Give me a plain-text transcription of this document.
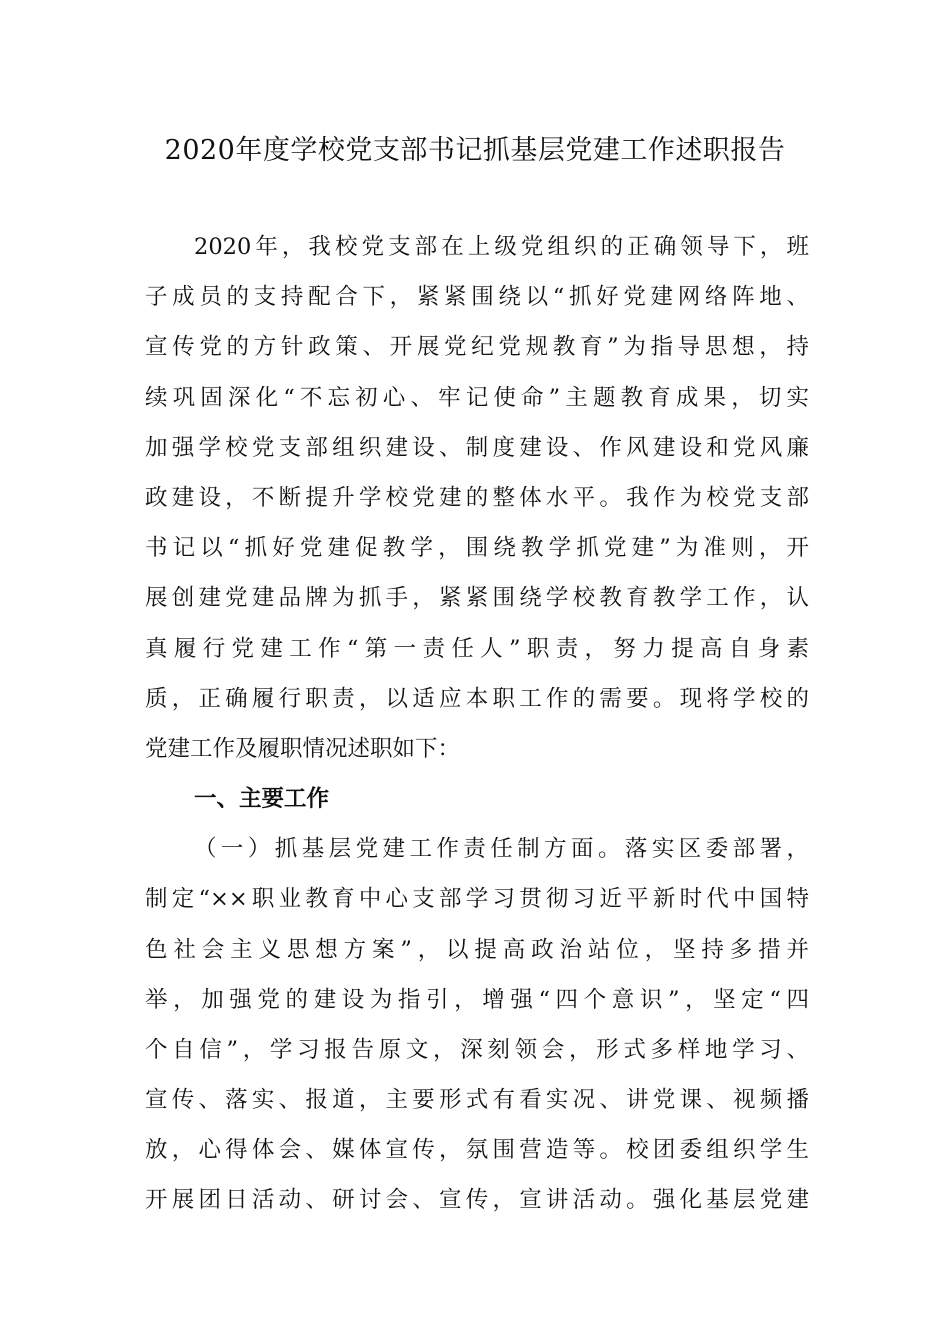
2020年度学校党支部书记抓基层党建工作述职报告
2020年，我校党支部在上级党组织的正确领导下，班
子成员的支持配合下，紧紧围绕以“抓好党建网络阵地、
宣传党的方针政策、开展党纪党规教育”为指导思想，持
续巩固深化“不忘初心、牢记使命”主题教育成果，切实
加强学校党支部组织建设、制度建设、作风建设和党风廉
政建设，不断提升学校党建的整体水平。我作为校党支部
书记以“抓好党建促教学，围绕教学抓党建”为准则，开
展创建党建品牌为抓手，紧紧围绕学校教育教学工作，认
真履行党建工作“第一责任人”职责，努力提高自身素
质，正确履行职责，以适应本职工作的需要。现将学校的
党建工作及履职情况述职如下：
一、主要工作
（一）抓基层党建工作责任制方面。落实区委部署，
制定“××职业教育中心支部学习贯彻习近平新时代中国特
色社会主义思想方案”，以提高政治站位，坚持多措并
举，加强党的建设为指引，增强“四个意识”，坚定“四
个自信”，学习报告原文，深刻领会，形式多样地学习、
宣传、落实、报道，主要形式有看实况、讲党课、视频播
放，心得体会、媒体宣传，氛围营造等。校团委组织学生
开展团日活动、研讨会、宣传，宣讲活动。强化基层党建
